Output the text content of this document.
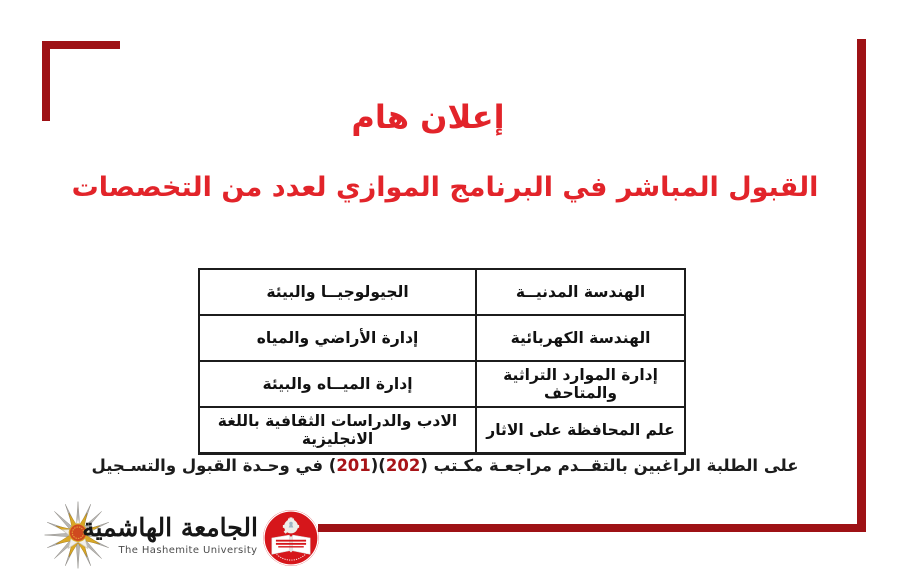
إعلان هام
القبول المباشر في البرنامج الموازي لعدد من التخصصات
الهندسة المدنيــة	الجيولوجيــا والبيئة
الهندسة الكهربائية	إدارة الأراضي والمياه
إدارة الموارد التراثية والمتاحف	إدارة الميــاه والبيئة
علم المحافظة على الاثار	الادب والدراسات الثقافية باللغة الانجليزية

على الطلبة الراغبين بالتقــدم مراجعـة مكـتب (202)(201) في وحـدة القبول والتسـجيل

الجامعة الهاشمية
The Hashemite University
